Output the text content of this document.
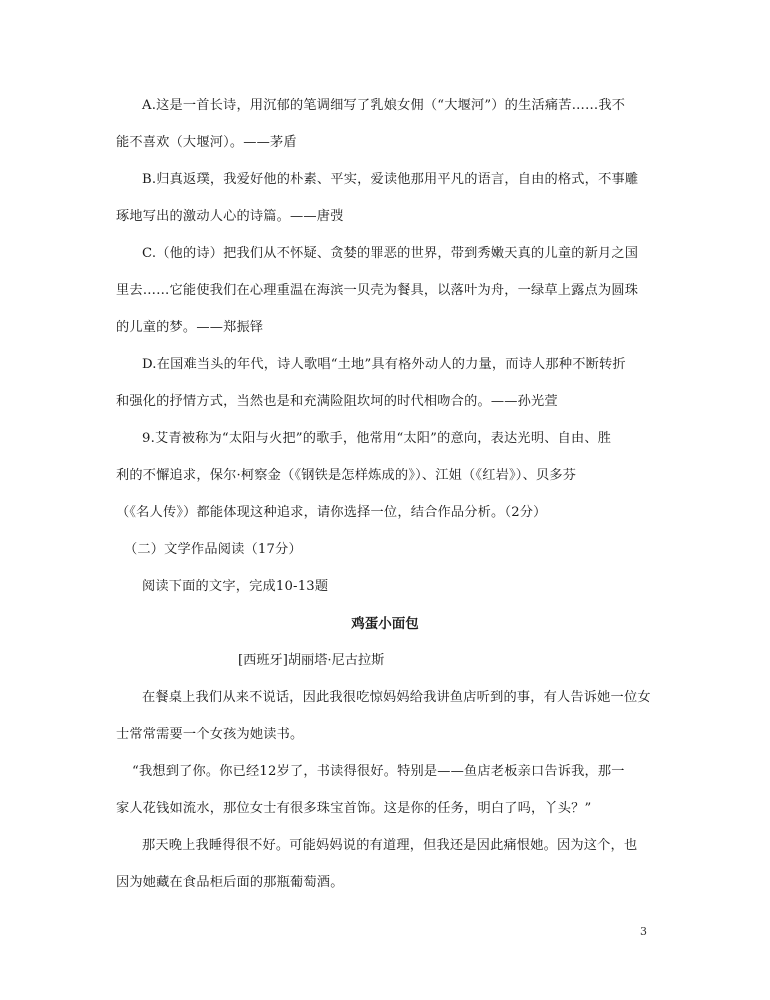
A.这是一首长诗，用沉郁的笔调细写了乳娘女佣（“大堰河”）的生活痛苦……我不
能不喜欢（大堰河）。——茅盾
B.归真返璞，我爱好他的朴素、平实，爱读他那用平凡的语言，自由的格式，不事雕
琢地写出的激动人心的诗篇。——唐弢
C.（他的诗）把我们从不怀疑、贪婪的罪恶的世界，带到秀嫩天真的儿童的新月之国
里去……它能使我们在心理重温在海滨一贝壳为餐具，以落叶为舟，一绿草上露点为圆珠
的儿童的梦。——郑振铎
D.在国难当头的年代，诗人歌唱“土地”具有格外动人的力量，而诗人那种不断转折
和强化的抒情方式，当然也是和充满险阻坎坷的时代相吻合的。——孙光萱
9.艾青被称为“太阳与火把”的歌手，他常用“太阳”的意向，表达光明、自由、胜
利的不懈追求，保尔·柯察金（《钢铁是怎样炼成的》）、江姐（《红岩》）、贝多芬
（《名人传》）都能体现这种追求，请你选择一位，结合作品分析。（2分）
（二）文学作品阅读（17分）
阅读下面的文字，完成10-13题
鸡蛋小面包
[西班牙]胡丽塔·尼古拉斯
在餐桌上我们从来不说话，因此我很吃惊妈妈给我讲鱼店听到的事，有人告诉她一位女
士常常需要一个女孩为她读书。
“我想到了你。你已经12岁了，书读得很好。特别是——鱼店老板亲口告诉我，那一
家人花钱如流水，那位女士有很多珠宝首饰。这是你的任务，明白了吗，丫头？”
那天晚上我睡得很不好。可能妈妈说的有道理，但我还是因此痛恨她。因为这个，也
因为她藏在食品柜后面的那瓶葡萄酒。
3
